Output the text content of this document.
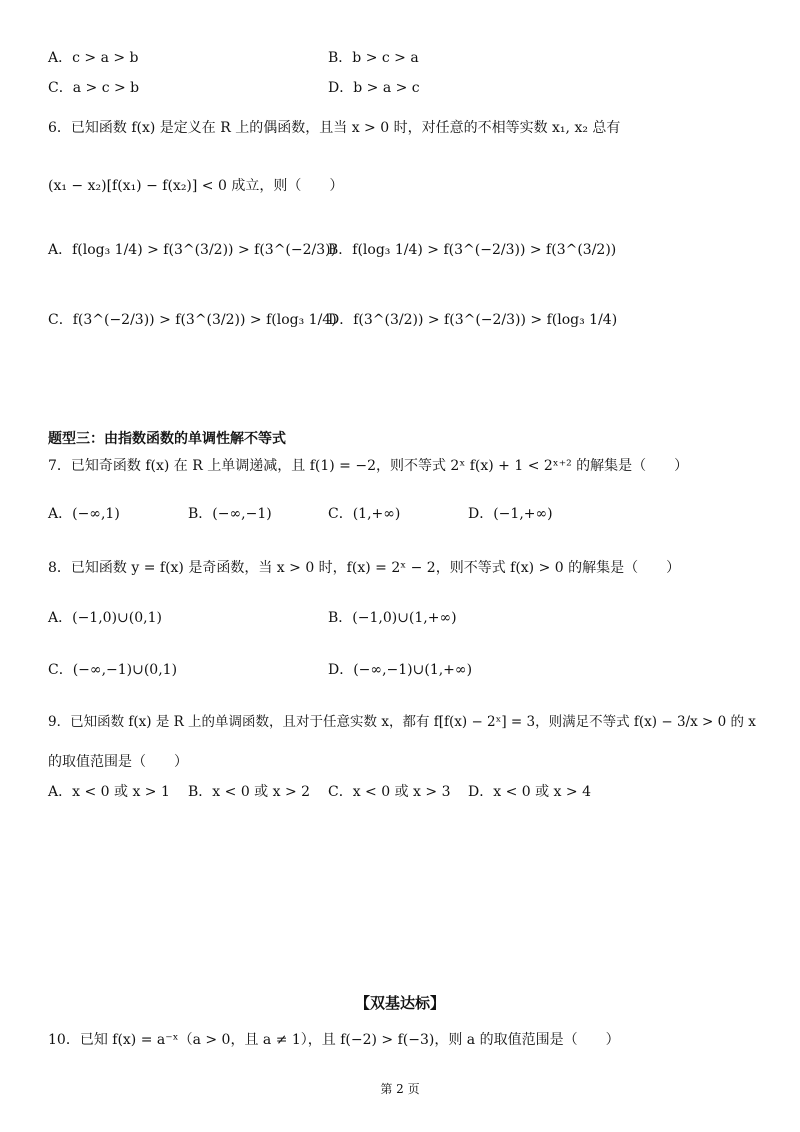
A．c > a > b	B．b > c > a
C．a > c > b	D．b > a > c
6．已知函数 f(x) 是定义在 R 上的偶函数，且当 x > 0 时，对任意的不相等实数 x₁, x₂ 总有
(x₁ − x₂)[f(x₁) − f(x₂)] < 0 成立，则（　　）
A．f(log₃ 1/4) > f(3^(3/2)) > f(3^(−2/3))
B．f(log₃ 1/4) > f(3^(−2/3)) > f(3^(3/2))
C．f(3^(−2/3)) > f(3^(3/2)) > f(log₃ 1/4)
D．f(3^(3/2)) > f(3^(−2/3)) > f(log₃ 1/4)
题型三：由指数函数的单调性解不等式
7．已知奇函数 f(x) 在 R 上单调递减，且 f(1) = −2，则不等式 2ˣ f(x) + 1 < 2ˣ⁺² 的解集是（　　）
A．(−∞,1)	B．(−∞,−1)	C．(1,+∞)	D．(−1,+∞)
8．已知函数 y = f(x) 是奇函数，当 x > 0 时，f(x) = 2ˣ − 2，则不等式 f(x) > 0 的解集是（　　）
A．(−1,0)∪(0,1)	B．(−1,0)∪(1,+∞)
C．(−∞,−1)∪(0,1)	D．(−∞,−1)∪(1,+∞)
9．已知函数 f(x) 是 R 上的单调函数，且对于任意实数 x，都有 f[f(x) − 2ˣ] = 3，则满足不等式 f(x) − 3/x > 0 的 x
的取值范围是（　　）
A．x < 0 或 x > 1 B．x < 0 或 x > 2 C．x < 0 或 x > 3 D．x < 0 或 x > 4
【双基达标】
10．已知 f(x) = a⁻ˣ（a > 0，且 a ≠ 1），且 f(−2) > f(−3)，则 a 的取值范围是（　　）
第 2 页
